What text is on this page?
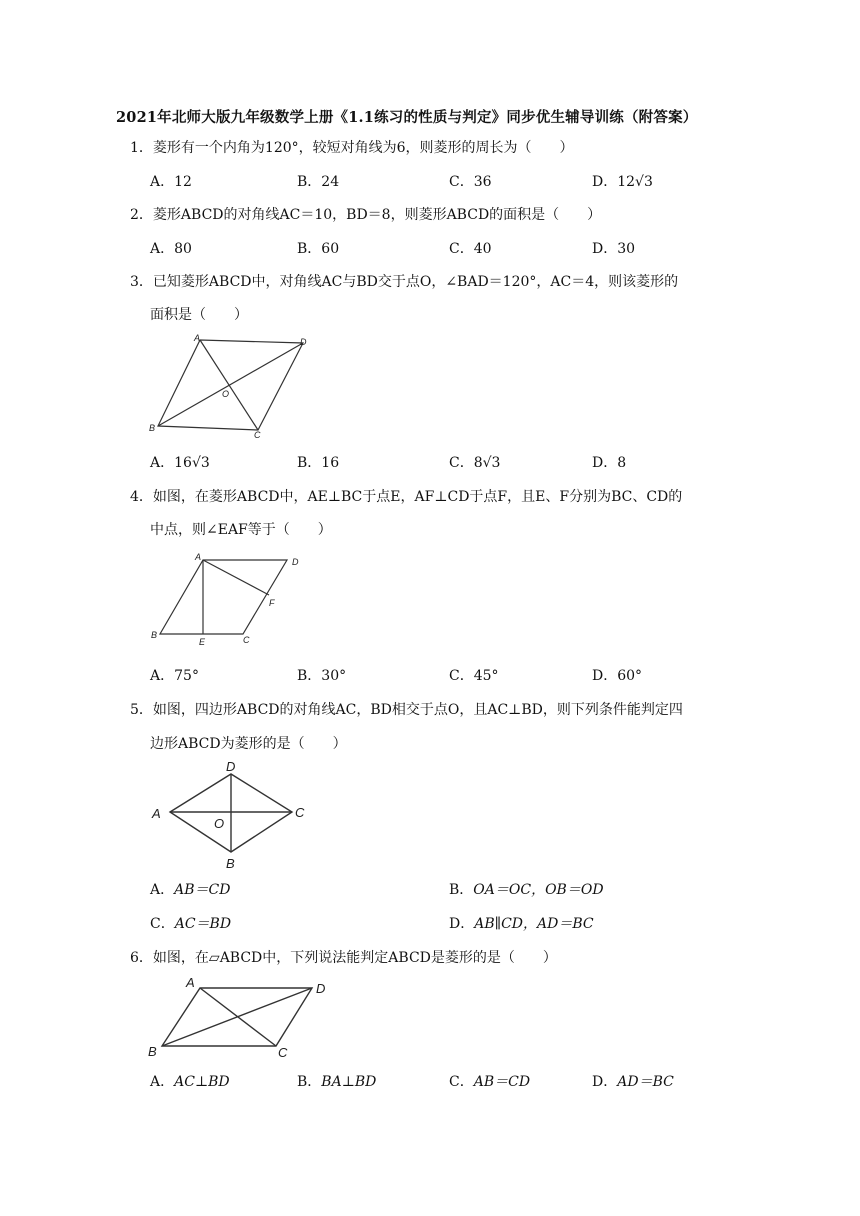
2021年北师大版九年级数学上册《1.1练习的性质与判定》同步优生辅导训练（附答案）
1．菱形有一个内角为120°，较短对角线为6，则菱形的周长为（　　）
A．12	B．24	C．36	D．12√3
2．菱形ABCD的对角线AC＝10，BD＝8，则菱形ABCD的面积是（　　）
A．80	B．60	C．40	D．30
3．已知菱形ABCD中，对角线AC与BD交于点O，∠BAD＝120°，AC＝4，则该菱形的
面积是（　　）
A
B
C
D
O
A．16√3	B．16	C．8√3	D．8
4．如图，在菱形ABCD中，AE⊥BC于点E，AF⊥CD于点F，且E、F分别为BC、CD的
中点，则∠EAF等于（　　）
A
B	C
D
E
F
A．75°	B．30°	C．45°	D．60°
5．如图，四边形ABCD的对角线AC，BD相交于点O，且AC⊥BD，则下列条件能判定四
边形ABCD为菱形的是（　　）
A
B
C
D
O
A．AB＝CD	B．OA＝OC，OB＝OD
C．AC＝BD	D．AB∥CD，AD＝BC
6．如图，在▱ABCD中，下列说法能判定ABCD是菱形的是（　　）
A
B	C
D
A．AC⊥BD	B．BA⊥BD	C．AB＝CD	D．AD＝BC
